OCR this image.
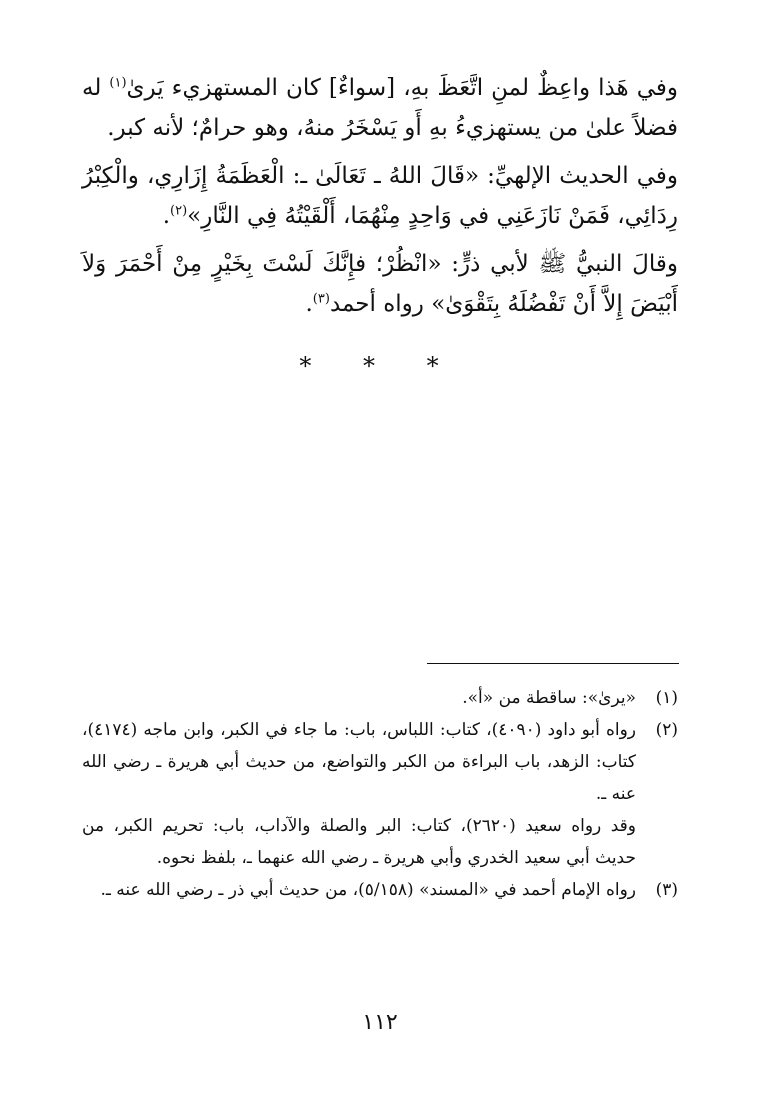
وفي هَذا واعِظٌ لمنِ اتَّعَظَ بهِ، [سواءٌ] كان المستهزيء يَرىٰ$^{(١)}$ له فضلاً علىٰ من يستهزيءُ بهِ أَو يَسْخَرُ منهُ، وهو حرامٌ؛ لأنه كبر.

وفي الحديث الإلهيِّ: «قَالَ اللهُ ـ تَعَالَىٰ ـ: الْعَظَمَةُ إِزَارِي، والْكِبْرُ رِدَائِي، فَمَنْ نَازَعَنِي في وَاحِدٍ مِنْهُمَا، أَلْقَيْتُهُ فِي النَّارِ»$^{(٢)}$.

وقالَ النبيُّ ﷺ لأبي ذرٍّ: «انْظُرْ؛ فإِنَّكَ لَسْتَ بِخَيْرٍ مِنْ أَحْمَرَ وَلاَ أَبْيَضَ إِلاَّ أَنْ تَفْضُلَهُ بِتَقْوَىٰ» رواه أحمد$^{(٣)}$.

* * *
(١)

«يرىٰ»: ساقطة من «أ».

(٢)

رواه أبو داود (٤٠٩٠)، كتاب: اللباس، باب: ما جاء في الكبر، وابن ماجه (٤١٧٤)، كتاب: الزهد، باب البراءة من الكبر والتواضع، من حديث أبي هريرة ـ رضي الله عنه ـ.

وقد رواه سعيد (٢٦٢٠)، كتاب: البر والصلة والآداب، باب: تحريم الكبر، من حديث أبي سعيد الخدري وأبي هريرة ـ رضي الله عنهما ـ، بلفظ نحوه.

(٣)

رواه الإمام أحمد في «المسند» (٥/١٥٨)، من حديث أبي ذر ـ رضي الله عنه ـ.

١١٢
